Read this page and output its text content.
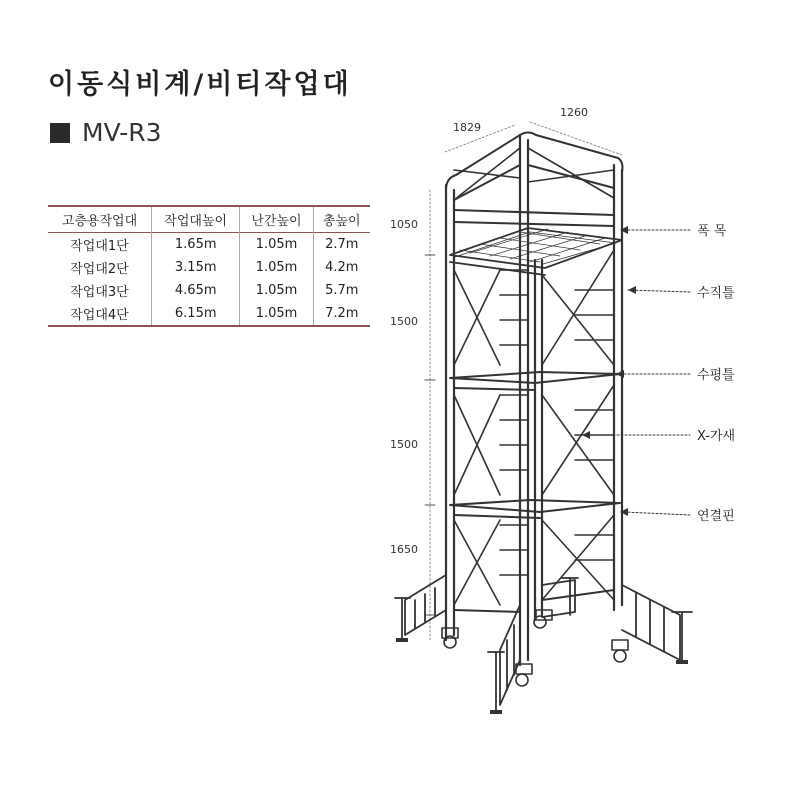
이동식비계/비티작업대
MV-R3
고층용작업대	작업대높이	난간높이	총높이
작업대1단	1.65m	1.05m	2.7m
작업대2단	3.15m	1.05m	4.2m
작업대3단	4.65m	1.05m	5.7m
작업대4단	6.15m	1.05m	7.2m
1829
1260
1050
1500
1500
1650
폭 목
수직틀
수평틀
X-가새
연결핀
